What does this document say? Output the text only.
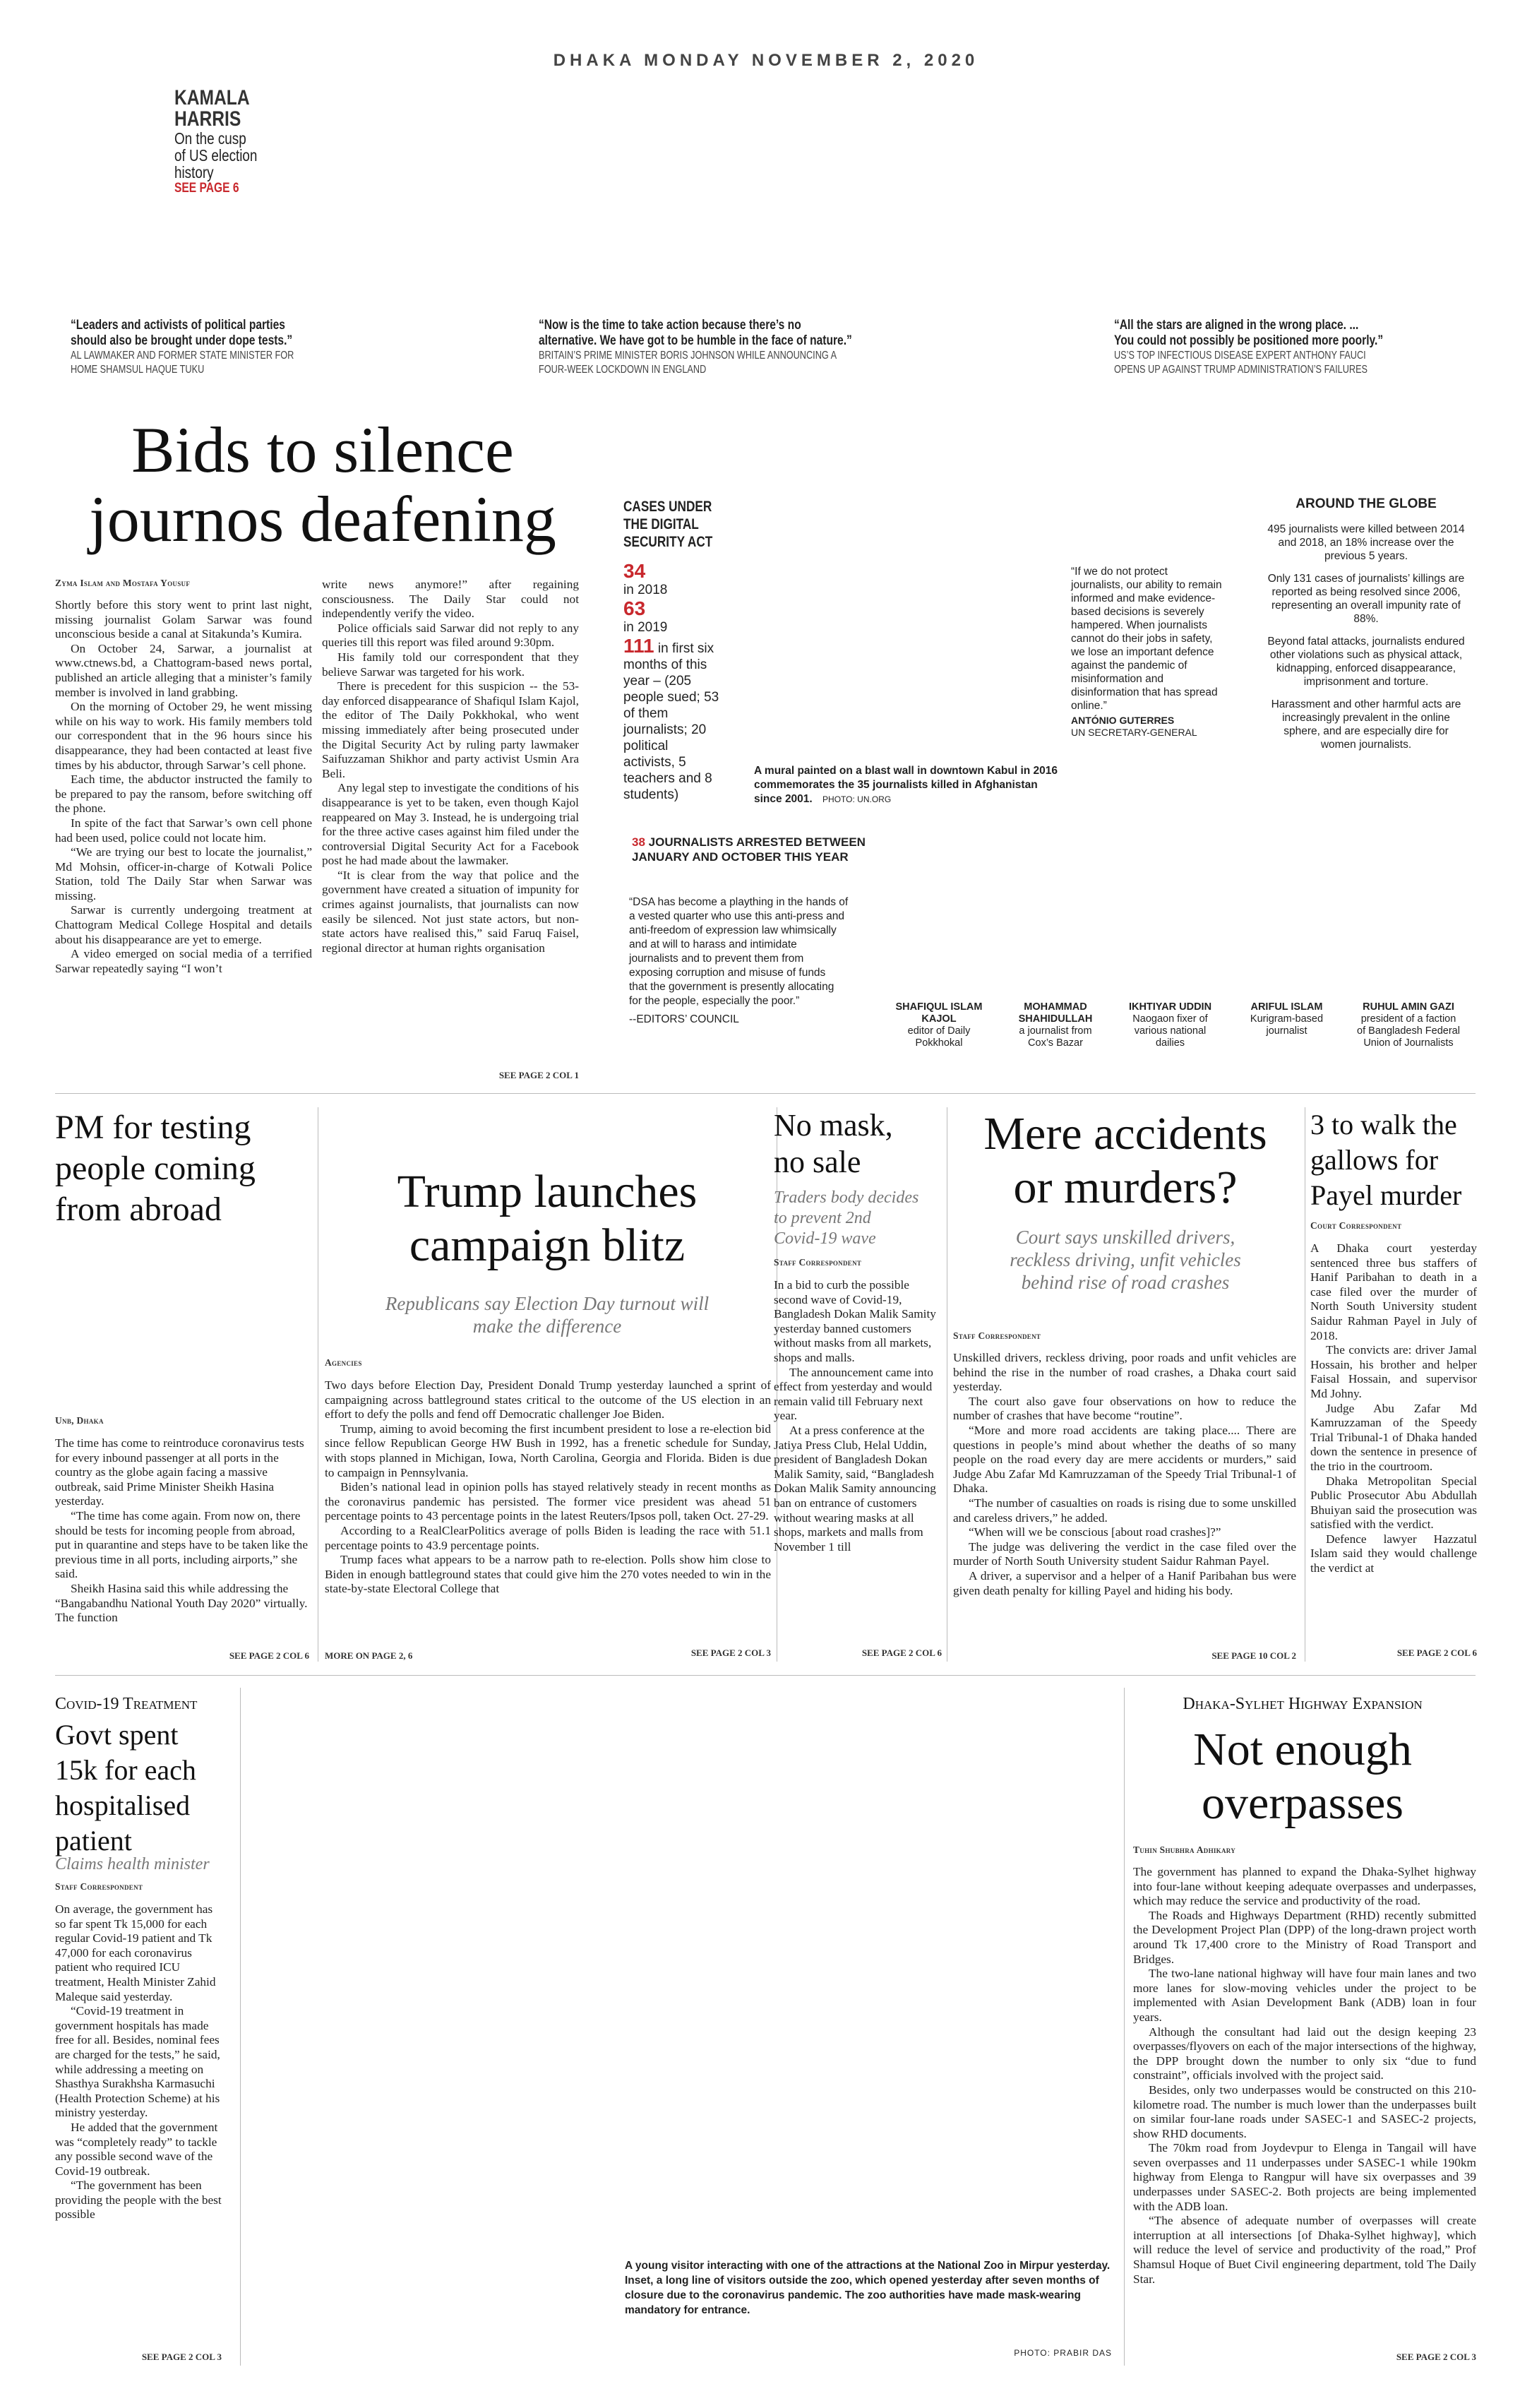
DHAKA MONDAY NOVEMBER 2, 2020
KAMALA
HARRIS
On the cusp
of US election
history
SEE PAGE 6
“Leaders and activists of political parties
should also be brought under dope tests.”
AL LAWMAKER AND FORMER STATE MINISTER FOR
HOME SHAMSUL HAQUE TUKU
“Now is the time to take action because there’s no
alternative. We have got to be humble in the face of nature.”
BRITAIN’S PRIME MINISTER BORIS JOHNSON WHILE ANNOUNCING A
FOUR-WEEK LOCKDOWN IN ENGLAND
“All the stars are aligned in the wrong place. ...
You could not possibly be positioned more poorly.”
US’S TOP INFECTIOUS DISEASE EXPERT ANTHONY FAUCI
OPENS UP AGAINST TRUMP ADMINISTRATION’S FAILURES
Bids to silence
journos deafening
Zyma Islam and Mostafa Yousuf

Shortly before this story went to print last night, missing journalist Golam Sarwar was found unconscious beside a canal at Sitakunda’s Kumira.

On October 24, Sarwar, a journalist at www.ctnews.bd, a Chattogram-based news portal, published an article alleging that a minister’s family member is involved in land grabbing.

On the morning of October 29, he went missing while on his way to work. His family members told our correspondent that in the 96 hours since his disappearance, they had been contacted at least five times by his abductor, through Sarwar’s cell phone.

Each time, the abductor instructed the family to be prepared to pay the ransom, before switching off the phone.

In spite of the fact that Sarwar’s own cell phone had been used, police could not locate him.

“We are trying our best to locate the journalist,” Md Mohsin, officer-in-charge of Kotwali Police Station, told The Daily Star when Sarwar was missing.

Sarwar is currently undergoing treatment at Chattogram Medical College Hospital and details about his disappearance are yet to emerge.

A video emerged on social media of a terrified Sarwar repeatedly saying “I won’t

write news anymore!” after regaining consciousness. The Daily Star could not independently verify the video.

Police officials said Sarwar did not reply to any queries till this report was filed around 9:30pm.

His family told our correspondent that they believe Sarwar was targeted for his work.

There is precedent for this suspicion -- the 53-day enforced disappearance of Shafiqul Islam Kajol, the editor of The Daily Pokkhokal, who went missing immediately after being prosecuted under the Digital Security Act by ruling party lawmaker Saifuzzaman Shikhor and party activist Usmin Ara Beli.

Any legal step to investigate the conditions of his disappearance is yet to be taken, even though Kajol reappeared on May 3. Instead, he is undergoing trial for the three active cases against him filed under the controversial Digital Security Act for a Facebook post he had made about the lawmaker.

“It is clear from the way that police and the government have created a situation of impunity for crimes against journalists, that journalists can now easily be silenced. Not just state actors, but non-state actors have realised this,” said Faruq Faisel, regional director at human rights organisation

SEE PAGE 2 COL 1
CASES UNDER
THE DIGITAL
SECURITY ACT
34
in 2018
63
in 2019
111 in first six months of this year – (205 people sued; 53 of them journalists; 20 political activists, 5 teachers and 8 students)
A mural painted on a blast wall in downtown Kabul in 2016 commemorates the 35 journalists killed in Afghanistan since 2001. PHOTO: UN.ORG
“If we do not protect journalists, our ability to remain informed and make evidence-based decisions is severely hampered. When journalists cannot do their jobs in safety, we lose an important defence against the pandemic of misinformation and disinformation that has spread online.”
ANTÓNIO GUTERRES
UN SECRETARY-GENERAL
AROUND THE GLOBE
495 journalists were killed between 2014 and 2018, an 18% increase over the previous 5 years.
Only 131 cases of journalists’ killings are reported as being resolved since 2006, representing an overall impunity rate of 88%.
Beyond fatal attacks, journalists endured other violations such as physical attack, kidnapping, enforced disappearance, imprisonment and torture.
Harassment and other harmful acts are increasingly prevalent in the online sphere, and are especially dire for women journalists.
38 JOURNALISTS ARRESTED BETWEEN
JANUARY AND OCTOBER THIS YEAR
“DSA has become a plaything in the hands of
a vested quarter who use this anti-press and
anti-freedom of expression law whimsically
and at will to harass and intimidate
journalists and to prevent them from
exposing corruption and misuse of funds
that the government is presently allocating
for the people, especially the poor.”
--EDITORS’ COUNCIL
SHAFIQUL ISLAM
KAJOL
editor of Daily
Pokkhokal
MOHAMMAD
SHAHIDULLAH
a journalist from
Cox’s Bazar
IKHTIYAR UDDIN
Naogaon fixer of
various national
dailies
ARIFUL ISLAM
Kurigram-based
journalist
RUHUL AMIN GAZI
president of a faction
of Bangladesh Federal
Union of Journalists
PM for testing
people coming
from abroad
Unb, Dhaka

The time has come to reintroduce coronavirus tests for every inbound passenger at all ports in the country as the globe again facing a massive outbreak, said Prime Minister Sheikh Hasina yesterday.

“The time has come again. From now on, there should be tests for incoming people from abroad, put in quarantine and steps have to be taken like the previous time in all ports, including airports,” she said.

Sheikh Hasina said this while addressing the “Bangabandhu National Youth Day 2020” virtually. The function

SEE PAGE 2 COL 6
Trump launches
campaign blitz
Republicans say Election Day turnout will
make the difference
Agencies

Two days before Election Day, President Donald Trump yesterday launched a sprint of campaigning across battleground states critical to the outcome of the US election in an effort to defy the polls and fend off Democratic challenger Joe Biden.

Trump, aiming to avoid becoming the first incumbent president to lose a re-election bid since fellow Republican George HW Bush in 1992, has a frenetic schedule for Sunday, with stops planned in Michigan, Iowa, North Carolina, Georgia and Florida. Biden is due to campaign in Pennsylvania.

Biden’s national lead in opinion polls has stayed relatively steady in recent months as the coronavirus pandemic has persisted. The former vice president was ahead 51 percentage points to 43 percentage points in the latest Reuters/Ipsos poll, taken Oct. 27-29.

According to a RealClearPolitics average of polls Biden is leading the race with 51.1 percentage points to 43.9 percentage points.

Trump faces what appears to be a narrow path to re-election. Polls show him close to Biden in enough battleground states that could give him the 270 votes needed to win in the state-by-state Electoral College that

MORE ON PAGE 2, 6	SEE PAGE 2 COL 3
No mask,
no sale
Traders body decides
to prevent 2nd
Covid-19 wave
Staff Correspondent

In a bid to curb the possible second wave of Covid-19, Bangladesh Dokan Malik Samity yesterday banned customers without masks from all markets, shops and malls.

The announcement came into effect from yesterday and would remain valid till February next year.

At a press conference at the Jatiya Press Club, Helal Uddin, president of Bangladesh Dokan Malik Samity, said, “Bangladesh Dokan Malik Samity announcing ban on entrance of customers without wearing masks at all shops, markets and malls from November 1 till

SEE PAGE 2 COL 6
Mere accidents
or murders?
Court says unskilled drivers,
reckless driving, unfit vehicles
behind rise of road crashes
Staff Correspondent

Unskilled drivers, reckless driving, poor roads and unfit vehicles are behind the rise in the number of road crashes, a Dhaka court said yesterday.

The court also gave four observations on how to reduce the number of crashes that have become “routine”.

“More and more road accidents are taking place.... There are questions in people’s mind about whether the deaths of so many people on the road every day are mere accidents or murders,” said Judge Abu Zafar Md Kamruzzaman of the Speedy Trial Tribunal-1 of Dhaka.

“The number of casualties on roads is rising due to some unskilled and careless drivers,” he added.

“When will we be conscious [about road crashes]?”

The judge was delivering the verdict in the case filed over the murder of North South University student Saidur Rahman Payel.

A driver, a supervisor and a helper of a Hanif Paribahan bus were given death penalty for killing Payel and hiding his body.

SEE PAGE 10 COL 2
3 to walk the
gallows for
Payel murder
Court Correspondent

A Dhaka court yesterday sentenced three bus staffers of Hanif Paribahan to death in a case filed over the murder of North South University student Saidur Rahman Payel in July of 2018.

The convicts are: driver Jamal Hossain, his brother and helper Faisal Hossain, and supervisor Md Johny.

Judge Abu Zafar Md Kamruzzaman of the Speedy Trial Tribunal-1 of Dhaka handed down the sentence in presence of the trio in the courtroom.

Dhaka Metropolitan Special Public Prosecutor Abu Abdullah Bhuiyan said the prosecution was satisfied with the verdict.

Defence lawyer Hazzatul Islam said they would challenge the verdict at

SEE PAGE 2 COL 6
Covid-19 Treatment
Govt spent
15k for each
hospitalised
patient
Claims health minister
Staff Correspondent

On average, the government has so far spent Tk 15,000 for each regular Covid-19 patient and Tk 47,000 for each coronavirus patient who required ICU treatment, Health Minister Zahid Maleque said yesterday.

“Covid-19 treatment in government hospitals has made free for all. Besides, nominal fees are charged for the tests,” he said, while addressing a meeting on Shasthya Surakhsha Karmasuchi (Health Protection Scheme) at his ministry yesterday.

He added that the government was “completely ready” to tackle any possible second wave of the Covid-19 outbreak.

“The government has been providing the people with the best possible

SEE PAGE 2 COL 3
A young visitor interacting with one of the attractions at the National Zoo in Mirpur yesterday. Inset, a long line of visitors outside the zoo, which opened yesterday after seven months of closure due to the coronavirus pandemic. The zoo authorities have made mask-wearing mandatory for entrance.
PHOTO: PRABIR DAS
Dhaka-Sylhet Highway Expansion
Not enough
overpasses
Tuhin Shubhra Adhikary

The government has planned to expand the Dhaka-Sylhet highway into four-lane without keeping adequate overpasses and underpasses, which may reduce the service and productivity of the road.

The Roads and Highways Department (RHD) recently submitted the Development Project Plan (DPP) of the long-drawn project worth around Tk 17,400 crore to the Ministry of Road Transport and Bridges.

The two-lane national highway will have four main lanes and two more lanes for slow-moving vehicles under the project to be implemented with Asian Development Bank (ADB) loan in four years.

Although the consultant had laid out the design keeping 23 overpasses/flyovers on each of the major intersections of the highway, the DPP brought down the number to only six “due to fund constraint”, officials involved with the project said.

Besides, only two underpasses would be constructed on this 210-kilometre road. The number is much lower than the underpasses built on similar four-lane roads under SASEC-1 and SASEC-2 projects, show RHD documents.

The 70km road from Joydevpur to Elenga in Tangail will have seven overpasses and 11 underpasses under SASEC-1 while 190km highway from Elenga to Rangpur will have six overpasses and 39 underpasses under SASEC-2. Both projects are being implemented with the ADB loan.

“The absence of adequate number of overpasses will create interruption at all intersections [of Dhaka-Sylhet highway], which will reduce the level of service and productivity of the road,” Prof Shamsul Hoque of Buet Civil engineering department, told The Daily Star.

SEE PAGE 2 COL 3
